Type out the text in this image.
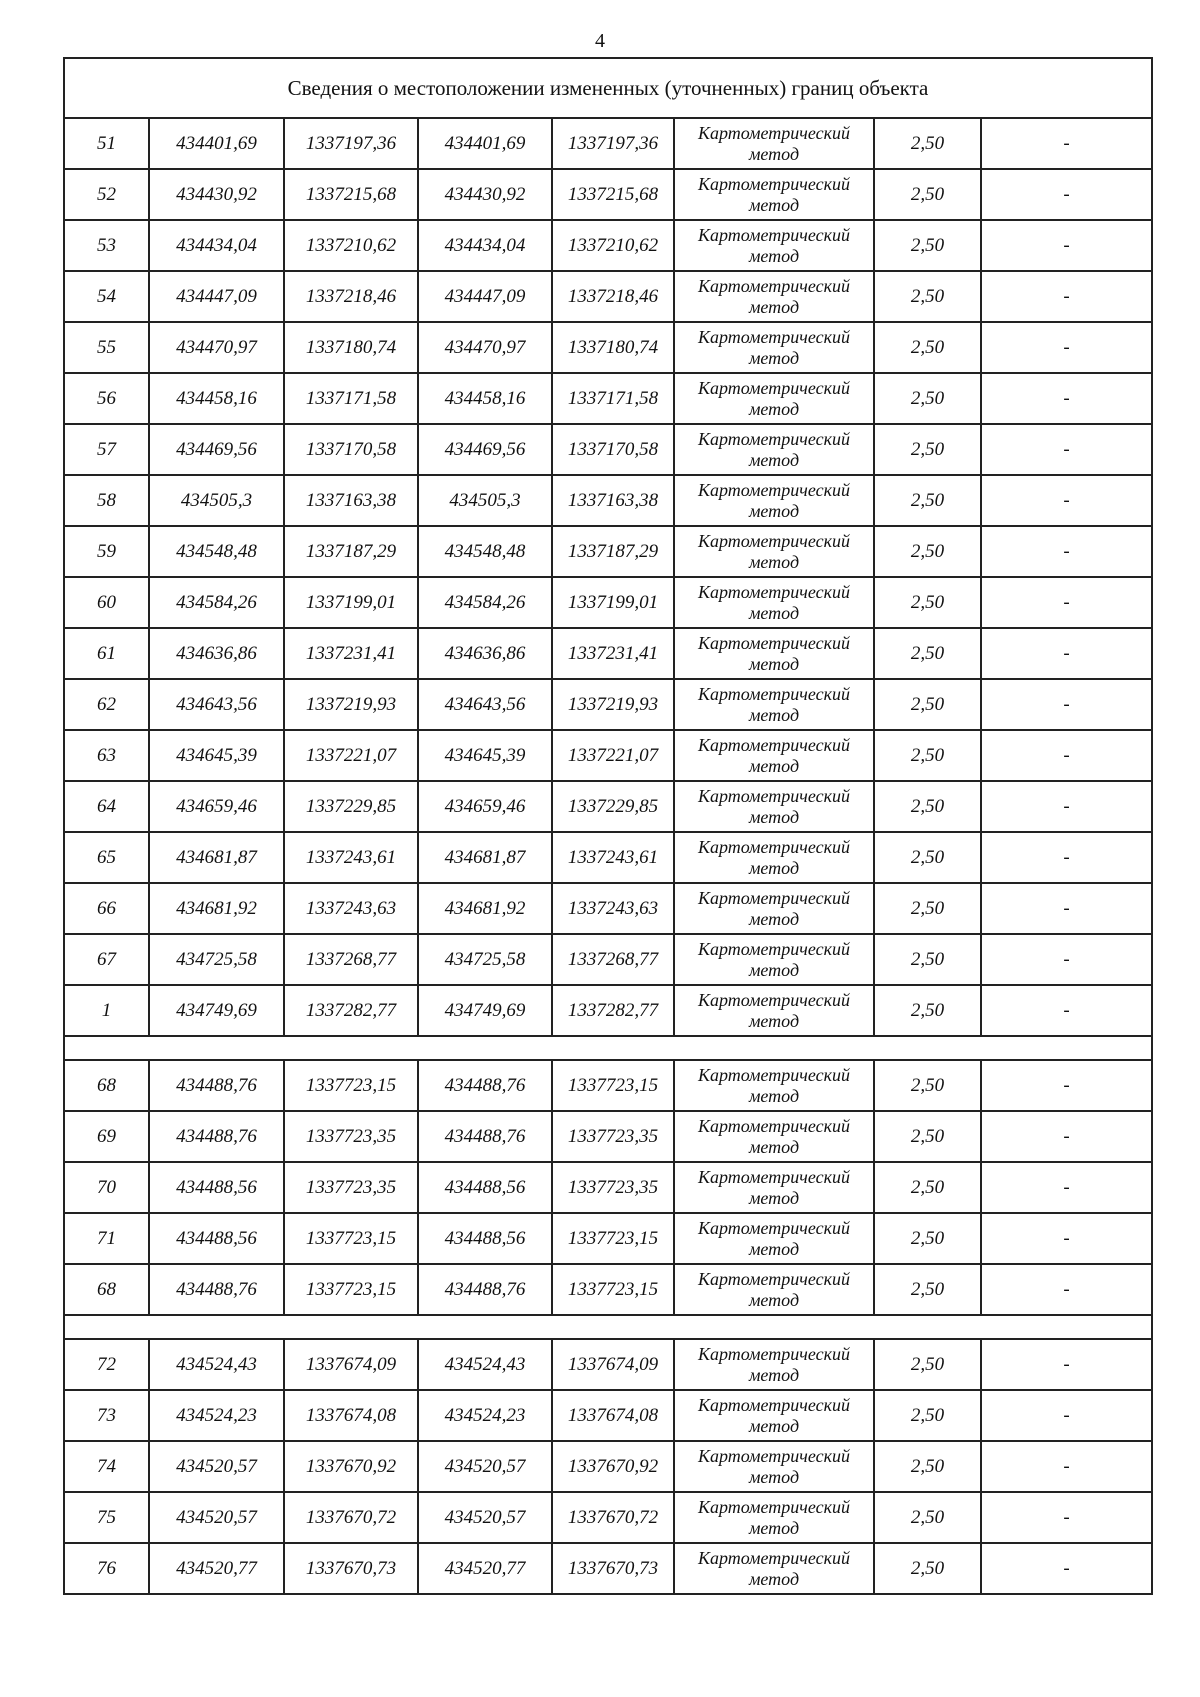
4
Сведения о местоположении измененных (уточненных) границ объекта							
51	434401,69	1337197,36	434401,69	1337197,36	Картометрический
метод	2,50	-
52	434430,92	1337215,68	434430,92	1337215,68	Картометрический
метод	2,50	-
53	434434,04	1337210,62	434434,04	1337210,62	Картометрический
метод	2,50	-
54	434447,09	1337218,46	434447,09	1337218,46	Картометрический
метод	2,50	-
55	434470,97	1337180,74	434470,97	1337180,74	Картометрический
метод	2,50	-
56	434458,16	1337171,58	434458,16	1337171,58	Картометрический
метод	2,50	-
57	434469,56	1337170,58	434469,56	1337170,58	Картометрический
метод	2,50	-
58	434505,3	1337163,38	434505,3	1337163,38	Картометрический
метод	2,50	-
59	434548,48	1337187,29	434548,48	1337187,29	Картометрический
метод	2,50	-
60	434584,26	1337199,01	434584,26	1337199,01	Картометрический
метод	2,50	-
61	434636,86	1337231,41	434636,86	1337231,41	Картометрический
метод	2,50	-
62	434643,56	1337219,93	434643,56	1337219,93	Картометрический
метод	2,50	-
63	434645,39	1337221,07	434645,39	1337221,07	Картометрический
метод	2,50	-
64	434659,46	1337229,85	434659,46	1337229,85	Картометрический
метод	2,50	-
65	434681,87	1337243,61	434681,87	1337243,61	Картометрический
метод	2,50	-
66	434681,92	1337243,63	434681,92	1337243,63	Картометрический
метод	2,50	-
67	434725,58	1337268,77	434725,58	1337268,77	Картометрический
метод	2,50	-
1	434749,69	1337282,77	434749,69	1337282,77	Картометрический
метод	2,50	-

68	434488,76	1337723,15	434488,76	1337723,15	Картометрический
метод	2,50	-
69	434488,76	1337723,35	434488,76	1337723,35	Картометрический
метод	2,50	-
70	434488,56	1337723,35	434488,56	1337723,35	Картометрический
метод	2,50	-
71	434488,56	1337723,15	434488,56	1337723,15	Картометрический
метод	2,50	-
68	434488,76	1337723,15	434488,76	1337723,15	Картометрический
метод	2,50	-

72	434524,43	1337674,09	434524,43	1337674,09	Картометрический
метод	2,50	-
73	434524,23	1337674,08	434524,23	1337674,08	Картометрический
метод	2,50	-
74	434520,57	1337670,92	434520,57	1337670,92	Картометрический
метод	2,50	-
75	434520,57	1337670,72	434520,57	1337670,72	Картометрический
метод	2,50	-
76	434520,77	1337670,73	434520,77	1337670,73	Картометрический
метод	2,50	-
